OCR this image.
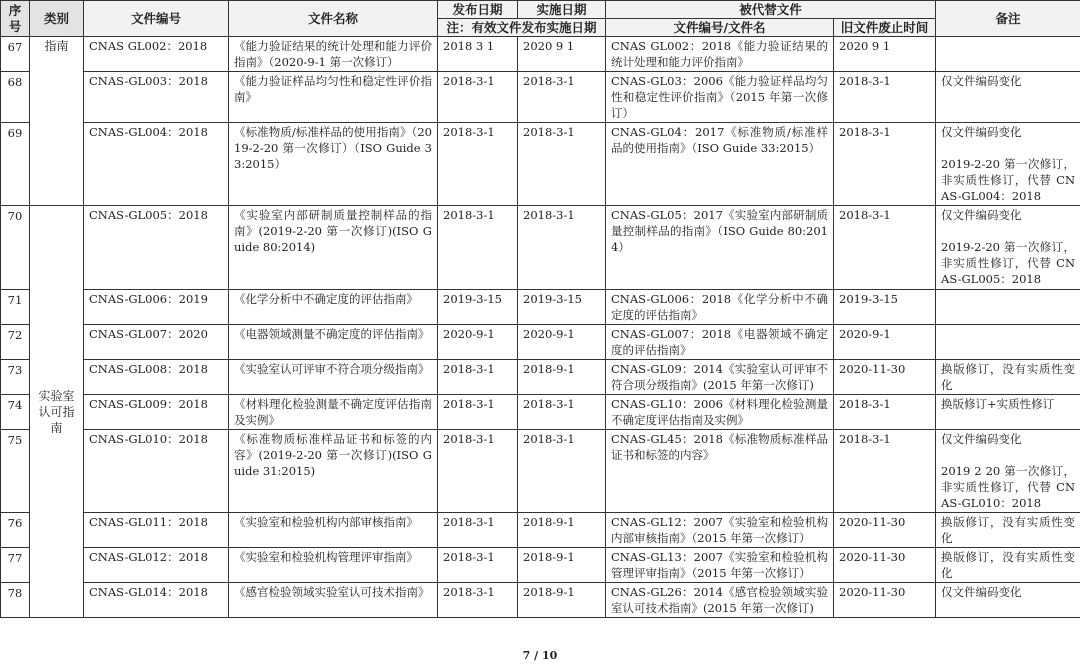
序号	类别	文件编号	文件名称	发布日期	实施日期	被代替文件		备注
				注：有效文件发布实施日期		文件编号/文件名	旧文件废止时间	
67	指南	CNAS GL002：2018	《能力验证结果的统计处理和能力评价指南》（2020-9-1 第一次修订）	2018 3 1	2020 9 1	CNAS GL002：2018《能力验证结果的统计处理和能力评价指南》	2020 9 1	
68		CNAS-GL003：2018	《能力验证样品均匀性和稳定性评价指南》	2018-3-1	2018-3-1	CNAS-GL03：2006《能力验证样品均匀性和稳定性评价指南》（2015 年第一次修订）	2018-3-1	仅文件编码变化
69		CNAS-GL004：2018	《标准物质/标准样品的使用指南》（2019-2-20 第一次修订）（ISO Guide 33:2015）	2018-3-1	2018-3-1	CNAS-GL04：2017《标准物质/标准样品的使用指南》（ISO Guide 33:2015）	2018-3-1	仅文件编码变化
2019-2-20 第一次修订，非实质性修订，代替 CNAS-GL004：2018

70	实验室认可指南	CNAS-GL005：2018	《实验室内部研制质量控制样品的指南》(2019-2-20 第一次修订)(ISO Guide 80:2014)	2018-3-1	2018-3-1	CNAS-GL05：2017《实验室内部研制质量控制样品的指南》（ISO Guide 80:2014）	2018-3-1	仅文件编码变化
2019-2-20 第一次修订，非实质性修订，代替 CNAS-GL005：2018

71		CNAS-GL006：2019	《化学分析中不确定度的评估指南》	2019-3-15	2019-3-15	CNAS-GL006：2018《化学分析中不确定度的评估指南》	2019-3-15	
72		CNAS-GL007：2020	《电器领域测量不确定度的评估指南》	2020-9-1	2020-9-1	CNAS-GL007：2018《电器领域不确定度的评估指南》	2020-9-1	
73		CNAS-GL008：2018	《实验室认可评审不符合项分级指南》	2018-3-1	2018-9-1	CNAS-GL09：2014《实验室认可评审不符合项分级指南》(2015 年第一次修订)	2020-11-30	换版修订，没有实质性变化
74		CNAS-GL009：2018	《材料理化检验测量不确定度评估指南及实例》	2018-3-1	2018-3-1	CNAS-GL10：2006《材料理化检验测量不确定度评估指南及实例》	2018-3-1	换版修订+实质性修订
75		CNAS-GL010：2018	《标准物质标准样品证书和标签的内容》(2019-2-20 第一次修订)(ISO Guide 31:2015)	2018-3-1	2018-3-1	CNAS-GL45：2018《标准物质标准样品证书和标签的内容》	2018-3-1	仅文件编码变化
2019 2 20 第一次修订，非实质性修订，代替 CNAS-GL010：2018

76		CNAS-GL011：2018	《实验室和检验机构内部审核指南》	2018-3-1	2018-9-1	CNAS-GL12：2007《实验室和检验机构内部审核指南》（2015 年第一次修订）	2020-11-30	换版修订，没有实质性变化
77		CNAS-GL012：2018	《实验室和检验机构管理评审指南》	2018-3-1	2018-9-1	CNAS-GL13：2007《实验室和检验机构管理评审指南》（2015 年第一次修订）	2020-11-30	换版修订，没有实质性变化
78		CNAS-GL014：2018	《感官检验领域实验室认可技术指南》	2018-3-1	2018-9-1	CNAS-GL26：2014《感官检验领域实验室认可技术指南》(2015 年第一次修订)	2020-11-30	仅文件编码变化
7 / 10
